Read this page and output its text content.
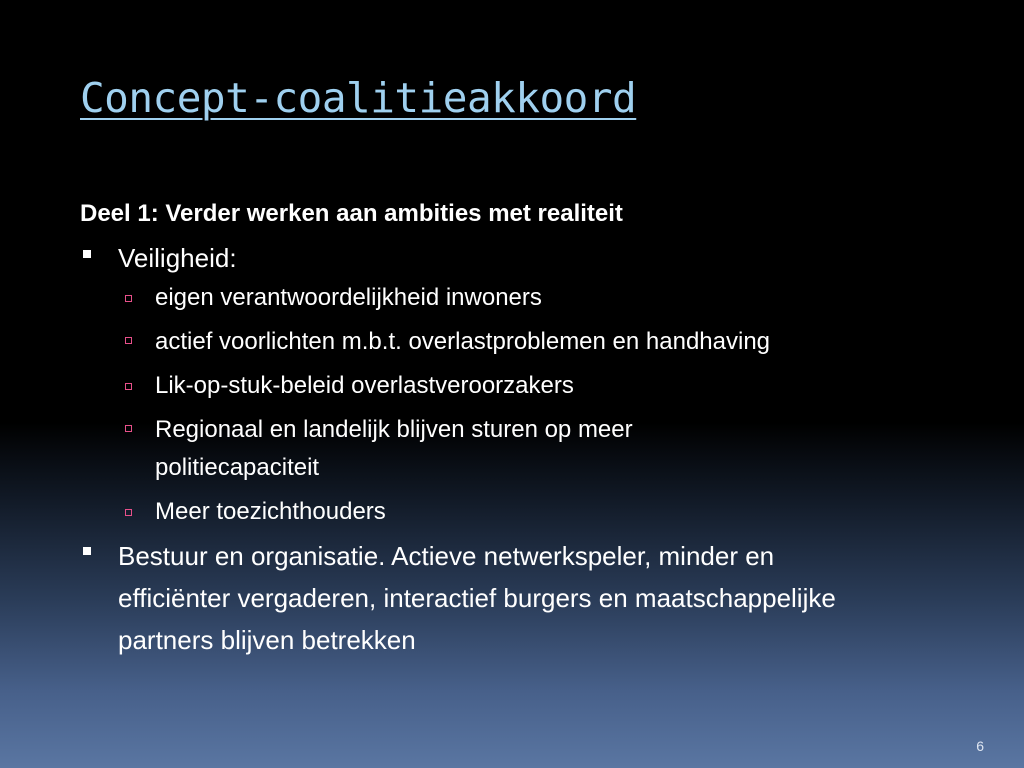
Concept-coalitieakkoord

Deel 1: Verder werken aan ambities met realiteit

Veiligheid:
eigen verantwoordelijkheid inwoners
actief voorlichten m.b.t. overlastproblemen en handhaving
Lik-op-stuk-beleid overlastveroorzakers
Regionaal en landelijk blijven sturen op meer politiecapaciteit
Meer toezichthouders
Bestuur en organisatie. Actieve netwerkspeler, minder en efficiënter vergaderen, interactief burgers en maatschappelijke partners blijven betrekken
6
